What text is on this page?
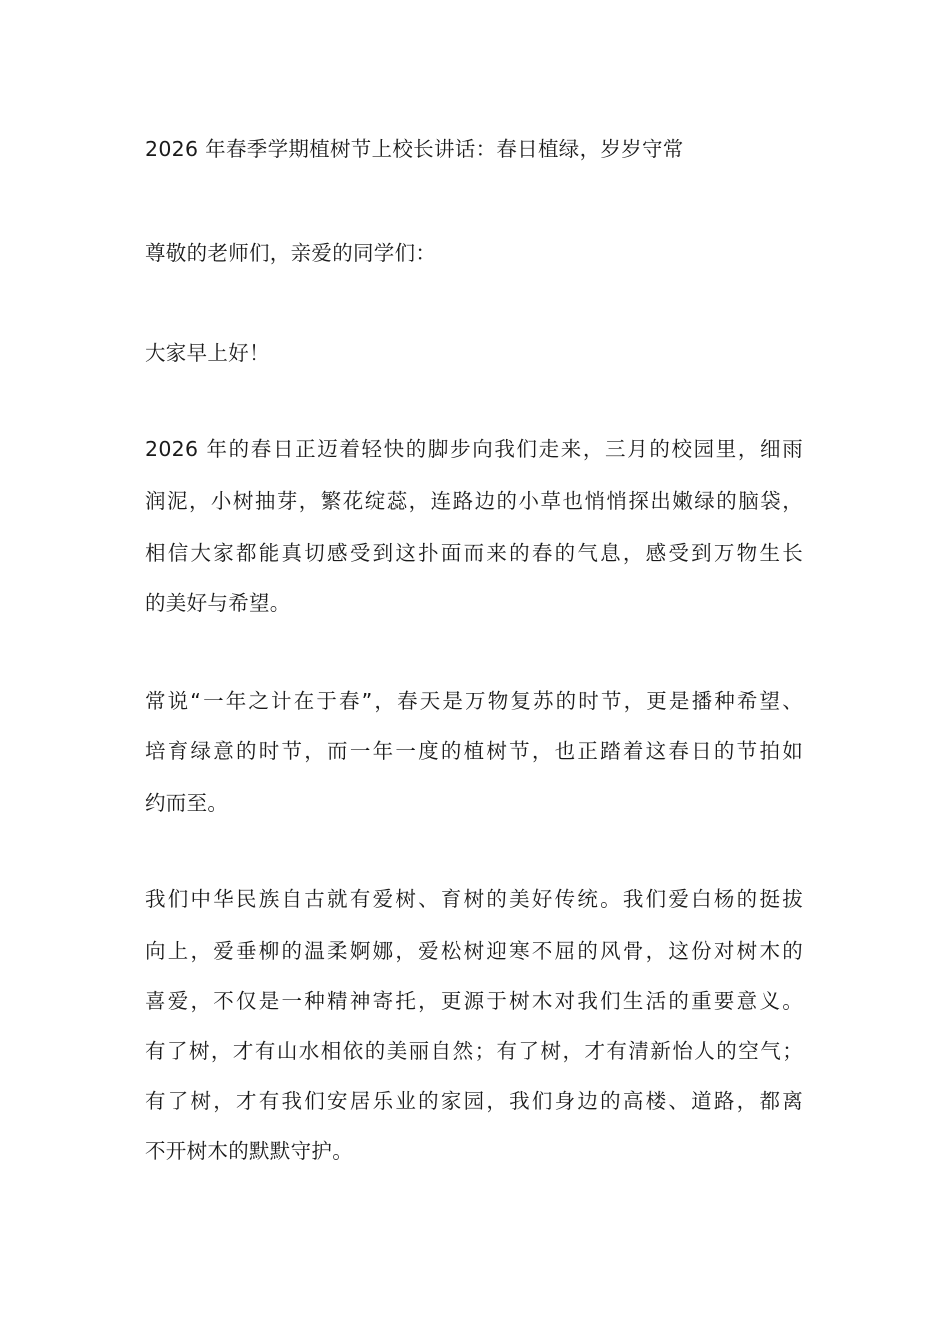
2026 年春季学期植树节上校长讲话：春日植绿，岁岁守常
尊敬的老师们，亲爱的同学们：
大家早上好！
2026 年的春日正迈着轻快的脚步向我们走来，三月的校园里，细雨
润泥，小树抽芽，繁花绽蕊，连路边的小草也悄悄探出嫩绿的脑袋，
相信大家都能真切感受到这扑面而来的春的气息，感受到万物生长
的美好与希望。
常说“一年之计在于春”，春天是万物复苏的时节，更是播种希望、
培育绿意的时节，而一年一度的植树节，也正踏着这春日的节拍如
约而至。
我们中华民族自古就有爱树、育树的美好传统。我们爱白杨的挺拔
向上，爱垂柳的温柔婀娜，爱松树迎寒不屈的风骨，这份对树木的
喜爱，不仅是一种精神寄托，更源于树木对我们生活的重要意义。
有了树，才有山水相依的美丽自然；有了树，才有清新怡人的空气；
有了树，才有我们安居乐业的家园，我们身边的高楼、道路，都离
不开树木的默默守护。
